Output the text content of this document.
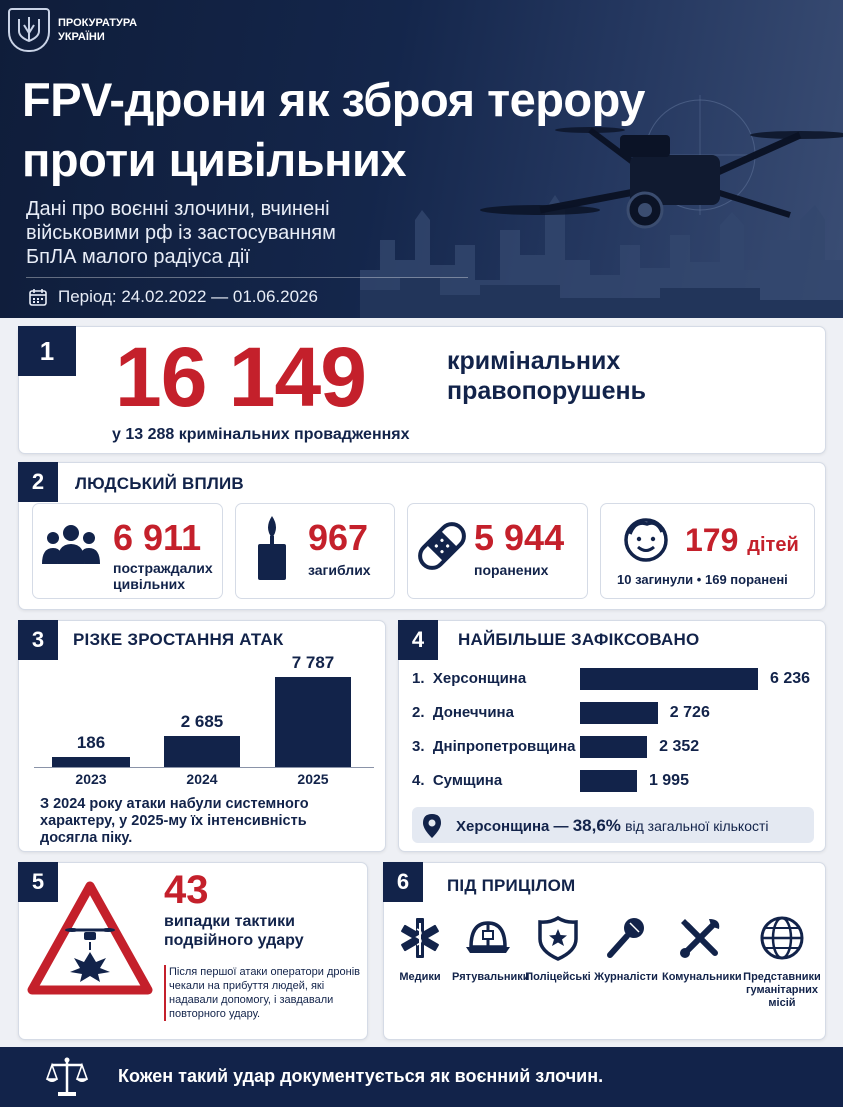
ПРОКУРАТУРА
УКРАЇНИ
FPV-дрони як зброя терору
проти цивільних
Дані про воєнні злочини, вчинені військовими рф із застосуванням БпЛА малого радіуса дії
Період: 24.02.2022 — 01.06.2026
1 16 149	кримінальних
правопорушень
у 13 288 кримінальних провадженнях
2	ЛЮДСЬКИЙ ВПЛИВ
6 911
постраждалих
цивільних
967
загиблих
5 944
поранених
179 дітей
10 загинули • 169 поранені
3	РІЗКЕ ЗРОСТАННЯ АТАК
186
2023
2 685
2024
7 787
2025
З 2024 року атаки набули системного характеру, у 2025-му їх інтенсивність досягла піку.
4	НАЙБІЛЬШЕ ЗАФІКСОВАНО
1.  Херсонщина	6 236
2.  Донеччина	2 726
3.  Дніпропетровщина	2 352
4.  Сумщина	1 995
Херсонщина — 38,6% від загальної кількості
5	43
випадки тактики
подвійного удару
Після першої атаки оператори дронів чекали на прибуття людей, які надавали допомогу, і завдавали повторного удару.
6	ПІД ПРИЦІЛОМ
Медики	Рятувальники
Поліцейські Журналісти Комунальники Представники гуманітарних місій
Кожен такий удар документується як воєнний злочин.
